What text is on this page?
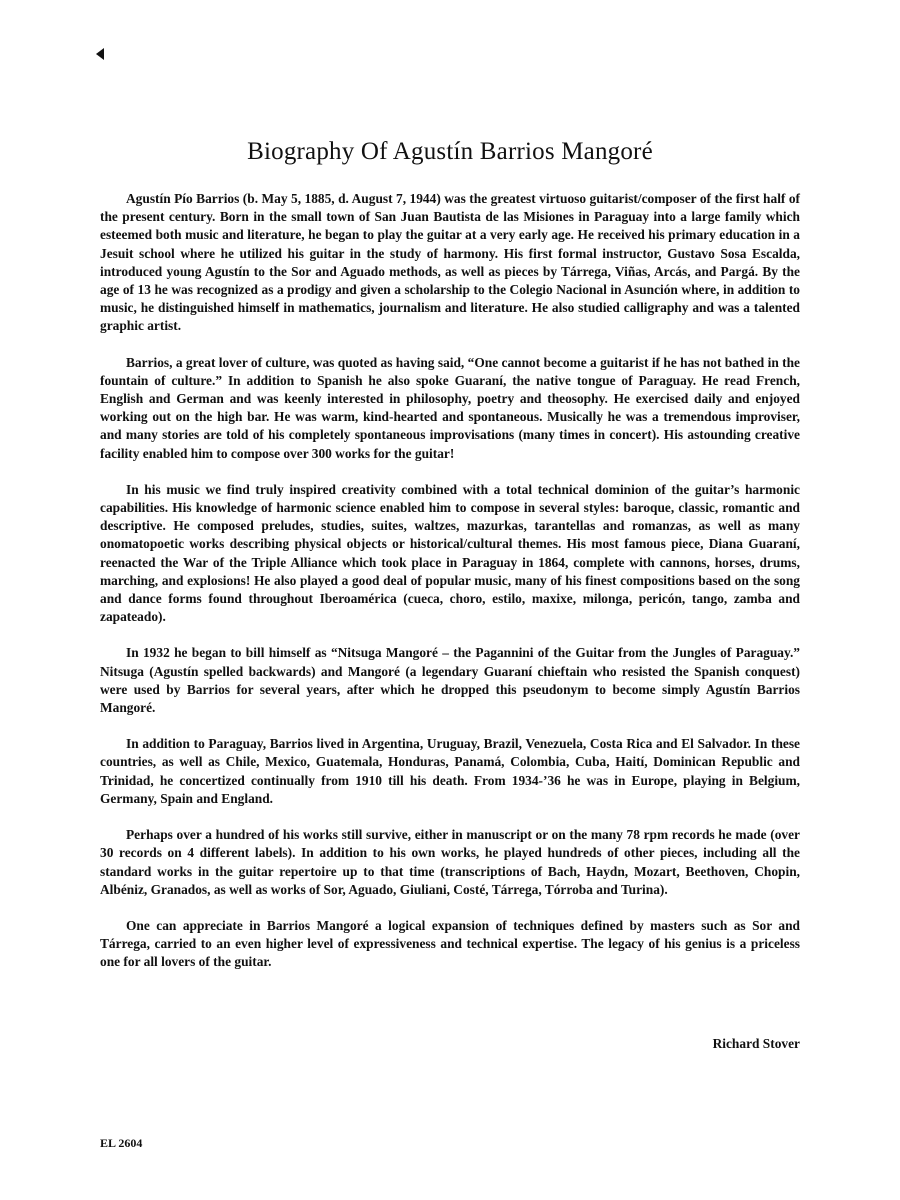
Biography Of Agustín Barrios Mangoré

Agustín Pío Barrios (b. May 5, 1885, d. August 7, 1944) was the greatest virtuoso guitarist/composer of the first half of the present century. Born in the small town of San Juan Bautista de las Misiones in Paraguay into a large family which esteemed both music and literature, he began to play the guitar at a very early age. He received his primary education in a Jesuit school where he utilized his guitar in the study of harmony. His first formal instructor, Gustavo Sosa Escalda, introduced young Agustín to the Sor and Aguado methods, as well as pieces by Tárrega, Viñas, Arcás, and Pargá. By the age of 13 he was recognized as a prodigy and given a scholarship to the Colegio Nacional in Asunción where, in addition to music, he distinguished himself in mathematics, journalism and literature. He also studied calligraphy and was a talented graphic artist.

Barrios, a great lover of culture, was quoted as having said, “One cannot become a guitarist if he has not bathed in the fountain of culture.” In addition to Spanish he also spoke Guaraní, the native tongue of Paraguay. He read French, English and German and was keenly interested in philosophy, poetry and theosophy. He exercised daily and enjoyed working out on the high bar. He was warm, kind-hearted and spontaneous. Musically he was a tremendous improviser, and many stories are told of his completely spontaneous improvisations (many times in concert). His astounding creative facility enabled him to compose over 300 works for the guitar!

In his music we find truly inspired creativity combined with a total technical dominion of the guitar’s harmonic capabilities. His knowledge of harmonic science enabled him to compose in several styles: baroque, classic, romantic and descriptive. He composed preludes, studies, suites, waltzes, mazurkas, tarantellas and romanzas, as well as many onomatopoetic works describing physical objects or historical/cultural themes. His most famous piece, Diana Guaraní, reenacted the War of the Triple Alliance which took place in Paraguay in 1864, complete with cannons, horses, drums, marching, and explosions! He also played a good deal of popular music, many of his finest compositions based on the song and dance forms found throughout Iberoamérica (cueca, choro, estilo, maxixe, milonga, pericón, tango, zamba and zapateado).

In 1932 he began to bill himself as “Nitsuga Mangoré – the Pagannini of the Guitar from the Jungles of Paraguay.” Nitsuga (Agustín spelled backwards) and Mangoré (a legendary Guaraní chieftain who resisted the Spanish conquest) were used by Barrios for several years, after which he dropped this pseudonym to become simply Agustín Barrios Mangoré.

In addition to Paraguay, Barrios lived in Argentina, Uruguay, Brazil, Venezuela, Costa Rica and El Salvador. In these countries, as well as Chile, Mexico, Guatemala, Honduras, Panamá, Colombia, Cuba, Haití, Dominican Republic and Trinidad, he concertized continually from 1910 till his death. From 1934-’36 he was in Europe, playing in Belgium, Germany, Spain and England.

Perhaps over a hundred of his works still survive, either in manuscript or on the many 78 rpm records he made (over 30 records on 4 different labels). In addition to his own works, he played hundreds of other pieces, including all the standard works in the guitar repertoire up to that time (transcriptions of Bach, Haydn, Mozart, Beethoven, Chopin, Albéniz, Granados, as well as works of Sor, Aguado, Giuliani, Costé, Tárrega, Tórroba and Turina).

One can appreciate in Barrios Mangoré a logical expansion of techniques defined by masters such as Sor and Tárrega, carried to an even higher level of expressiveness and technical expertise. The legacy of his genius is a priceless one for all lovers of the guitar.

Richard Stover
EL 2604
